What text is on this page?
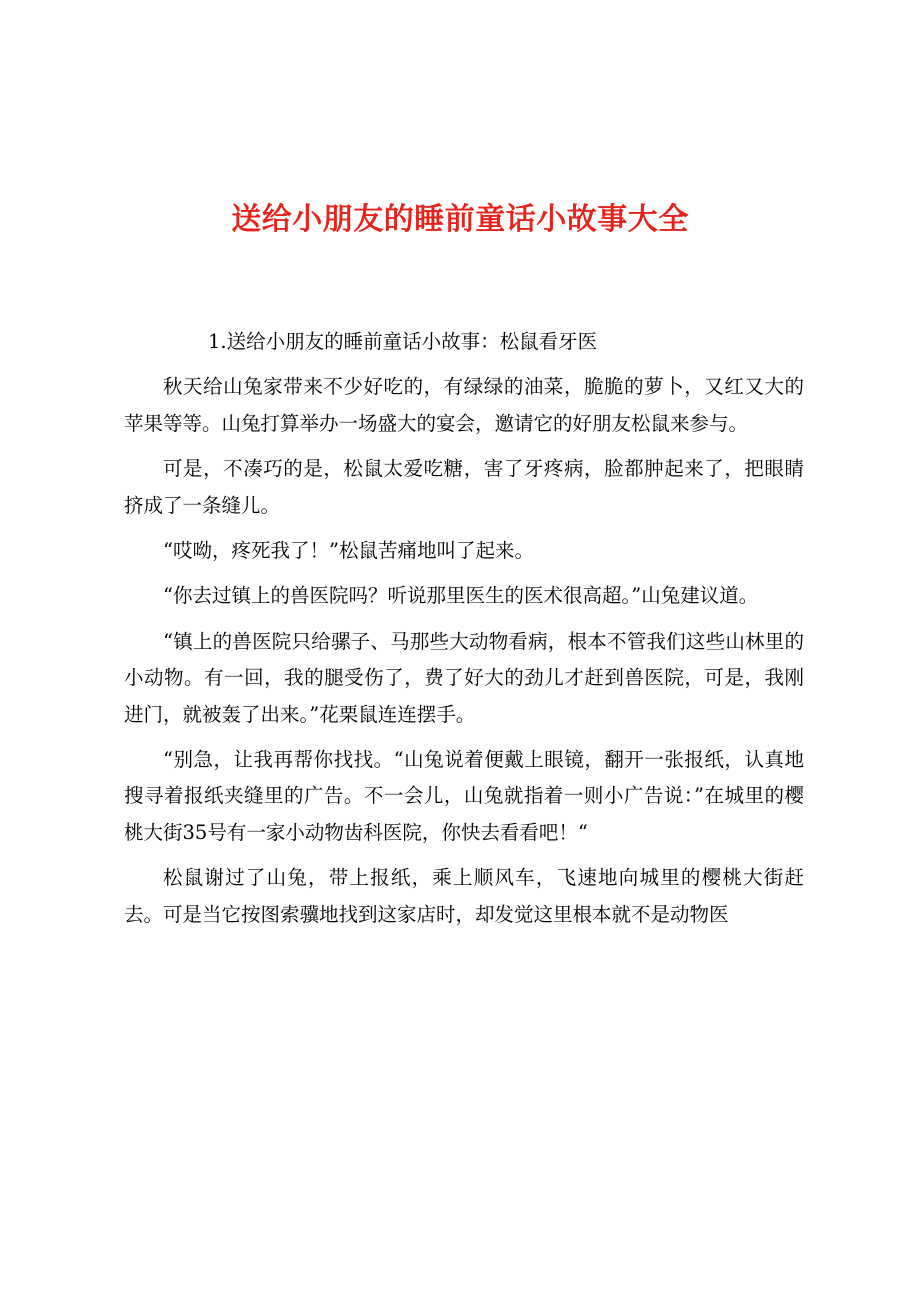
送给小朋友的睡前童话小故事大全

1.送给小朋友的睡前童话小故事：松鼠看牙医

秋天给山兔家带来不少好吃的，有绿绿的油菜，脆脆的萝卜，又红又大的苹果等等。山兔打算举办一场盛大的宴会，邀请它的好朋友松鼠来参与。

可是，不凑巧的是，松鼠太爱吃糖，害了牙疼病，脸都肿起来了，把眼睛挤成了一条缝儿。

“哎呦，疼死我了！”松鼠苦痛地叫了起来。

“你去过镇上的兽医院吗？听说那里医生的医术很高超。”山兔建议道。

“镇上的兽医院只给骡子、马那些大动物看病，根本不管我们这些山林里的小动物。有一回，我的腿受伤了，费了好大的劲儿才赶到兽医院，可是，我刚进门，就被轰了出来。”花栗鼠连连摆手。

“别急，让我再帮你找找。“山兔说着便戴上眼镜，翻开一张报纸，认真地搜寻着报纸夹缝里的广告。不一会儿，山兔就指着一则小广告说：”在城里的樱桃大街35号有一家小动物齿科医院，你快去看看吧！“

松鼠谢过了山兔，带上报纸，乘上顺风车，飞速地向城里的樱桃大街赶去。可是当它按图索骥地找到这家店时，却发觉这里根本就不是动物医
